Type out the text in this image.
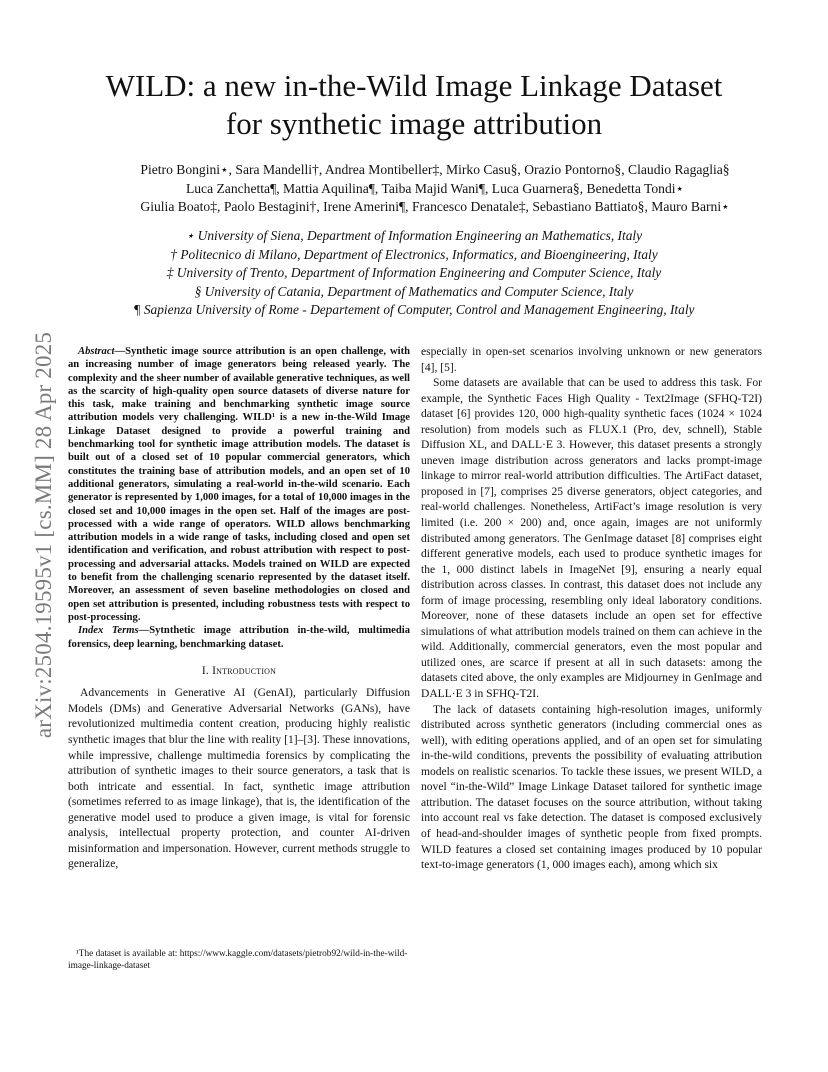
arXiv:2504.19595v1 [cs.MM] 28 Apr 2025
WILD: a new in-the-Wild Image Linkage Dataset
for synthetic image attribution
Pietro Bongini⋆, Sara Mandelli†, Andrea Montibeller‡, Mirko Casu§, Orazio Pontorno§, Claudio Ragaglia§
Luca Zanchetta¶, Mattia Aquilina¶, Taiba Majid Wani¶, Luca Guarnera§, Benedetta Tondi⋆
Giulia Boato‡, Paolo Bestagini†, Irene Amerini¶, Francesco Denatale‡, Sebastiano Battiato§, Mauro Barni⋆
⋆ University of Siena, Department of Information Engineering an Mathematics, Italy
† Politecnico di Milano, Department of Electronics, Informatics, and Bioengineering, Italy
‡ University of Trento, Department of Information Engineering and Computer Science, Italy
§ University of Catania, Department of Mathematics and Computer Science, Italy
¶ Sapienza University of Rome - Departement of Computer, Control and Management Engineering, Italy

Abstract—Synthetic image source attribution is an open challenge, with an increasing number of image generators being released yearly. The complexity and the sheer number of available generative techniques, as well as the scarcity of high-quality open source datasets of diverse nature for this task, make training and benchmarking synthetic image source attribution models very challenging. WILD¹ is a new in-the-Wild Image Linkage Dataset designed to provide a powerful training and benchmarking tool for synthetic image attribution models. The dataset is built out of a closed set of 10 popular commercial generators, which constitutes the training base of attribution models, and an open set of 10 additional generators, simulating a real-world in-the-wild scenario. Each generator is represented by 1,000 images, for a total of 10,000 images in the closed set and 10,000 images in the open set. Half of the images are post-processed with a wide range of operators. WILD allows benchmarking attribution models in a wide range of tasks, including closed and open set identification and verification, and robust attribution with respect to post-processing and adversarial attacks. Models trained on WILD are expected to benefit from the challenging scenario represented by the dataset itself. Moreover, an assessment of seven baseline methodologies on closed and open set attribution is presented, including robustness tests with respect to post-processing.

Index Terms—Sytnthetic image attribution in-the-wild, multimedia forensics, deep learning, benchmarking dataset.

I. Introduction

Advancements in Generative AI (GenAI), particularly Diffusion Models (DMs) and Generative Adversarial Networks (GANs), have revolutionized multimedia content creation, producing highly realistic synthetic images that blur the line with reality [1]–[3]. These innovations, while impressive, challenge multimedia forensics by complicating the attribution of synthetic images to their source generators, a task that is both intricate and essential. In fact, synthetic image attribution (sometimes referred to as image linkage), that is, the identification of the generative model used to produce a given image, is vital for forensic analysis, intellectual property protection, and counter AI-driven misinformation and impersonation. However, current methods struggle to generalize,

especially in open-set scenarios involving unknown or new generators [4], [5].

Some datasets are available that can be used to address this task. For example, the Synthetic Faces High Quality - Text2Image (SFHQ-T2I) dataset [6] provides 120, 000 high-quality synthetic faces (1024 × 1024 resolution) from models such as FLUX.1 (Pro, dev, schnell), Stable Diffusion XL, and DALL·E 3. However, this dataset presents a strongly uneven image distribution across generators and lacks prompt-image linkage to mirror real-world attribution difficulties. The ArtiFact dataset, proposed in [7], comprises 25 diverse generators, object categories, and real-world challenges. Nonetheless, ArtiFact’s image resolution is very limited (i.e. 200 × 200) and, once again, images are not uniformly distributed among generators. The GenImage dataset [8] comprises eight different generative models, each used to produce synthetic images for the 1, 000 distinct labels in ImageNet [9], ensuring a nearly equal distribution across classes. In contrast, this dataset does not include any form of image processing, resembling only ideal laboratory conditions. Moreover, none of these datasets include an open set for effective simulations of what attribution models trained on them can achieve in the wild. Additionally, commercial generators, even the most popular and utilized ones, are scarce if present at all in such datasets: among the datasets cited above, the only examples are Midjourney in GenImage and DALL·E 3 in SFHQ-T2I.

The lack of datasets containing high-resolution images, uniformly distributed across synthetic generators (including commercial ones as well), with editing operations applied, and of an open set for simulating in-the-wild conditions, prevents the possibility of evaluating attribution models on realistic scenarios. To tackle these issues, we present WILD, a novel “in-the-Wild” Image Linkage Dataset tailored for synthetic image attribution. The dataset focuses on the source attribution, without taking into account real vs fake detection. The dataset is composed exclusively of head-and-shoulder images of synthetic people from fixed prompts. WILD features a closed set containing images produced by 10 popular text-to-image generators (1, 000 images each), among which six

¹The dataset is available at: https://www.kaggle.com/datasets/pietrob92/wild-in-the-wild-image-linkage-dataset
